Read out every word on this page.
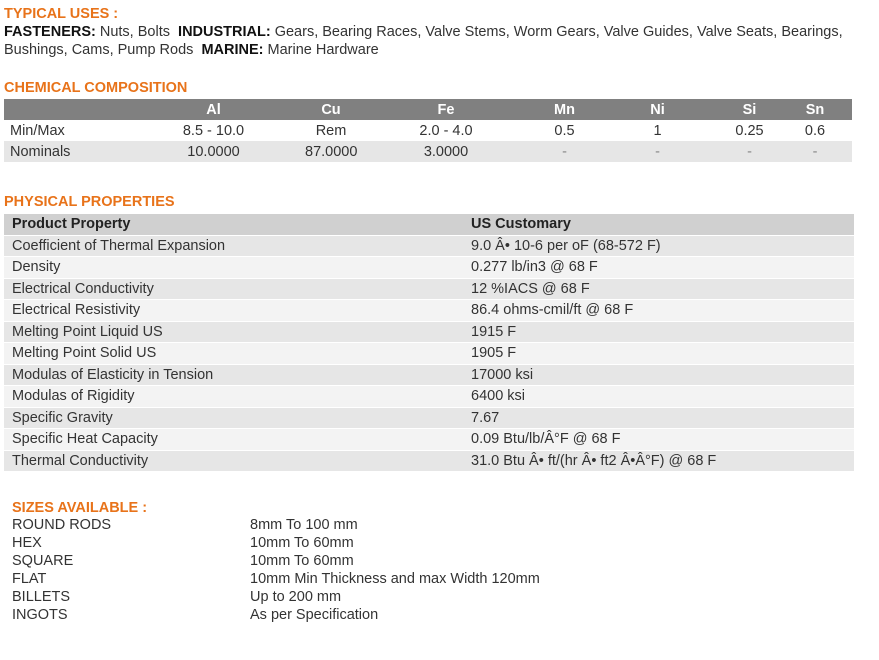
TYPICAL USES :
FASTENERS: Nuts, Bolts  INDUSTRIAL: Gears, Bearing Races, Valve Stems, Worm Gears, Valve Guides, Valve Seats, Bearings,
Bushings, Cams, Pump Rods  MARINE: Marine Hardware
CHEMICAL COMPOSITION
	Al	Cu	Fe	Mn	Ni	Si	Sn
Min/Max	8.5 - 10.0	Rem	2.0 - 4.0	0.5	1	0.25	0.6
Nominals	10.0000	87.0000	3.0000	-	-	-	-
PHYSICAL PROPERTIES
Product Property	US Customary
Coefficient of Thermal Expansion	9.0 Â• 10-6 per oF (68-572 F)
Density	0.277 lb/in3 @ 68 F
Electrical Conductivity	12 %IACS @ 68 F
Electrical Resistivity	86.4 ohms-cmil/ft @ 68 F
Melting Point Liquid US	1915 F
Melting Point Solid US	1905 F
Modulas of Elasticity in Tension	17000 ksi
Modulas of Rigidity	6400 ksi
Specific Gravity	7.67
Specific Heat Capacity	0.09 Btu/lb/Â°F @ 68 F
Thermal Conductivity	31.0 Btu Â• ft/(hr Â• ft2 Â•Â°F) @ 68 F
SIZES AVAILABLE :
ROUND RODS	8mm To 100 mm
HEX	10mm To 60mm
SQUARE	10mm To 60mm
FLAT	10mm Min Thickness and max Width 120mm
BILLETS	Up to 200 mm
INGOTS	As per Specification
